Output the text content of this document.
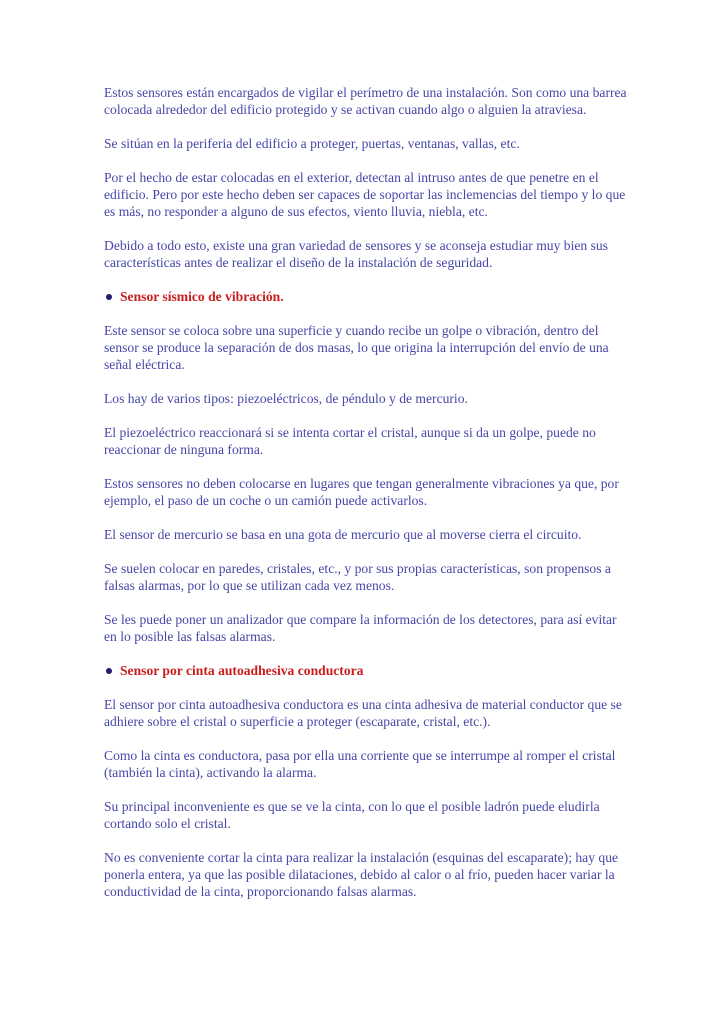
Estos sensores están encargados de vigilar el perímetro de una instalación. Son como una barrea colocada alrededor del edificio protegido y se activan cuando algo o alguien la atraviesa.

Se sitúan en la periferia del edificio a proteger, puertas, ventanas, vallas, etc.

Por el hecho de estar colocadas en el exterior, detectan al intruso antes de que penetre en el edificio. Pero por este hecho deben ser capaces de soportar las inclemencias del tiempo y lo que es más, no responder a alguno de sus efectos, viento lluvia, niebla, etc.

Debido a todo esto, existe una gran variedad de sensores y se aconseja estudiar muy bien sus características antes de realizar el diseño de la instalación de seguridad.

Sensor sísmico de vibración.

Este sensor se coloca sobre una superficie y cuando recibe un golpe o vibración, dentro del sensor se produce la separación de dos masas, lo que origina la interrupción del envío de una señal eléctrica.

Los hay de varios tipos: piezoeléctricos, de péndulo y de mercurio.

El piezoeléctrico reaccionará si se intenta cortar el cristal, aunque si da un golpe, puede no reaccionar de ninguna forma.

Estos sensores no deben colocarse en lugares que tengan generalmente vibraciones ya que, por ejemplo, el paso de un coche o un camión puede activarlos.

El sensor de mercurio se basa en una gota de mercurio que al moverse cierra el circuito.

Se suelen colocar en paredes, cristales, etc., y por sus propias características, son propensos a falsas alarmas, por lo que se utilizan cada vez menos.

Se les puede poner un analizador que compare la información de los detectores, para así evitar en lo posible las falsas alarmas.

Sensor por cinta autoadhesiva conductora

El sensor por cinta autoadhesiva conductora es una cinta adhesiva de material conductor que se adhiere sobre el cristal o superficie a proteger (escaparate, cristal, etc.).

Como la cinta es conductora, pasa por ella una corriente que se interrumpe al romper el cristal (también la cinta), activando la alarma.

Su principal inconveniente es que se ve la cinta, con lo que el posible ladrón puede eludirla cortando solo el cristal.

No es conveniente cortar la cinta para realizar la instalación (esquinas del escaparate); hay que ponerla entera, ya que las posible dilataciones, debido al calor o al frío, pueden hacer variar la conductividad de la cinta, proporcionando falsas alarmas.
